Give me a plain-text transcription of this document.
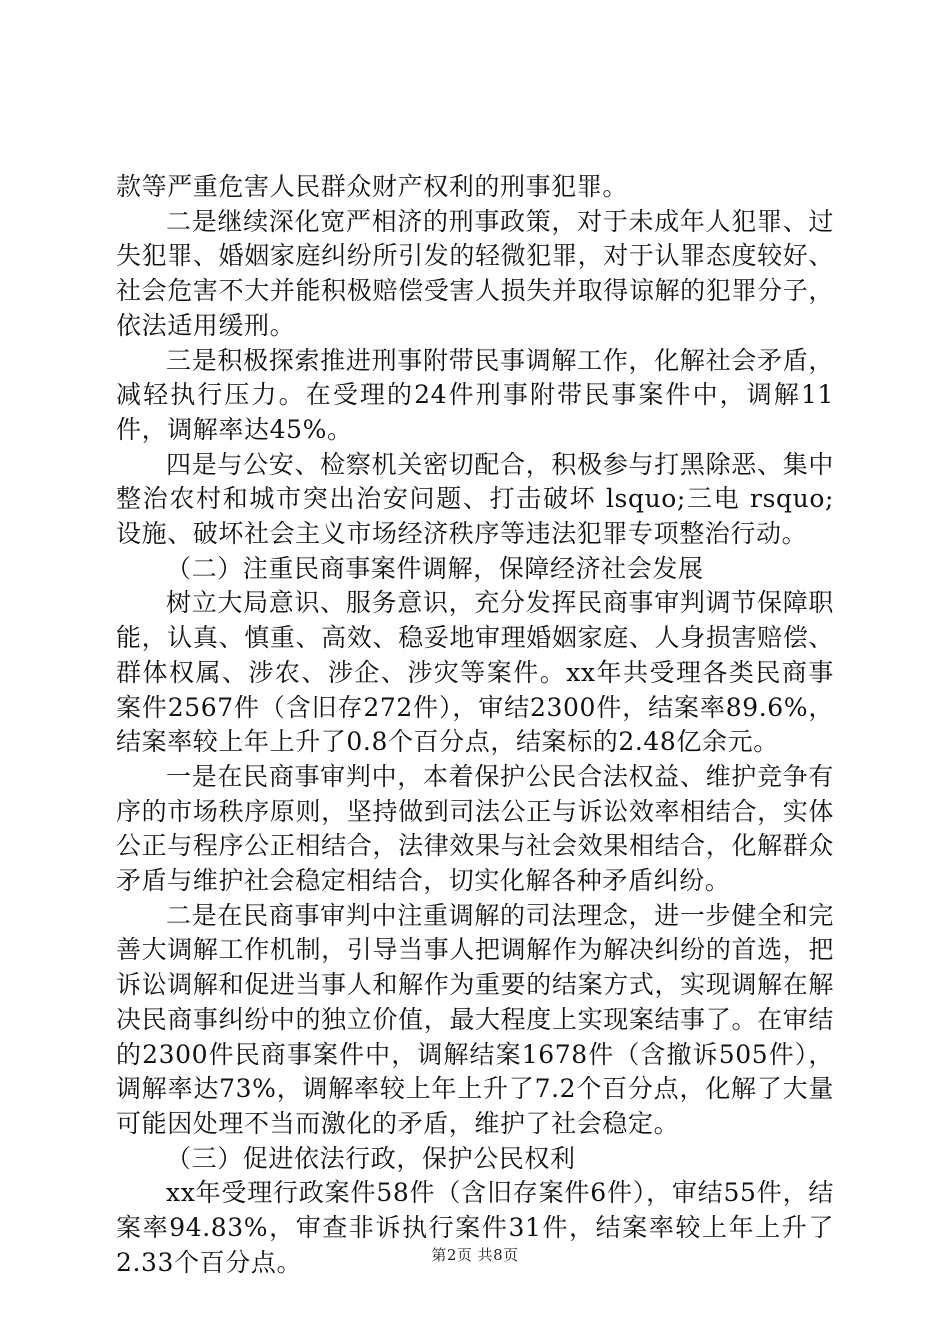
款等严重危害人民群众财产权利的刑事犯罪。

二是继续深化宽严相济的刑事政策，对于未成年人犯罪、过失犯罪、婚姻家庭纠纷所引发的轻微犯罪，对于认罪态度较好、社会危害不大并能积极赔偿受害人损失并取得谅解的犯罪分子，依法适用缓刑。

三是积极探索推进刑事附带民事调解工作，化解社会矛盾，减轻执行压力。在受理的24件刑事附带民事案件中，调解11件，调解率达45%。

四是与公安、检察机关密切配合，积极参与打黑除恶、集中整治农村和城市突出治安问题、打击破坏 lsquo;三电 rsquo;设施、破坏社会主义市场经济秩序等违法犯罪专项整治行动。

（二）注重民商事案件调解，保障经济社会发展

树立大局意识、服务意识，充分发挥民商事审判调节保障职能，认真、慎重、高效、稳妥地审理婚姻家庭、人身损害赔偿、群体权属、涉农、涉企、涉灾等案件。xx年共受理各类民商事案件2567件（含旧存272件），审结2300件，结案率89.6%，结案率较上年上升了0.8个百分点，结案标的2.48亿余元。

一是在民商事审判中，本着保护公民合法权益、维护竞争有序的市场秩序原则，坚持做到司法公正与诉讼效率相结合，实体公正与程序公正相结合，法律效果与社会效果相结合，化解群众矛盾与维护社会稳定相结合，切实化解各种矛盾纠纷。

二是在民商事审判中注重调解的司法理念，进一步健全和完善大调解工作机制，引导当事人把调解作为解决纠纷的首选，把诉讼调解和促进当事人和解作为重要的结案方式，实现调解在解决民商事纠纷中的独立价值，最大程度上实现案结事了。在审结的2300件民商事案件中，调解结案1678件（含撤诉505件），调解率达73%，调解率较上年上升了7.2个百分点，化解了大量可能因处理不当而激化的矛盾，维护了社会稳定。

（三）促进依法行政，保护公民权利

xx年受理行政案件58件（含旧存案件6件），审结55件，结案率94.83%，审查非诉执行案件31件，结案率较上年上升了2.33个百分点。	第2页 共8页
